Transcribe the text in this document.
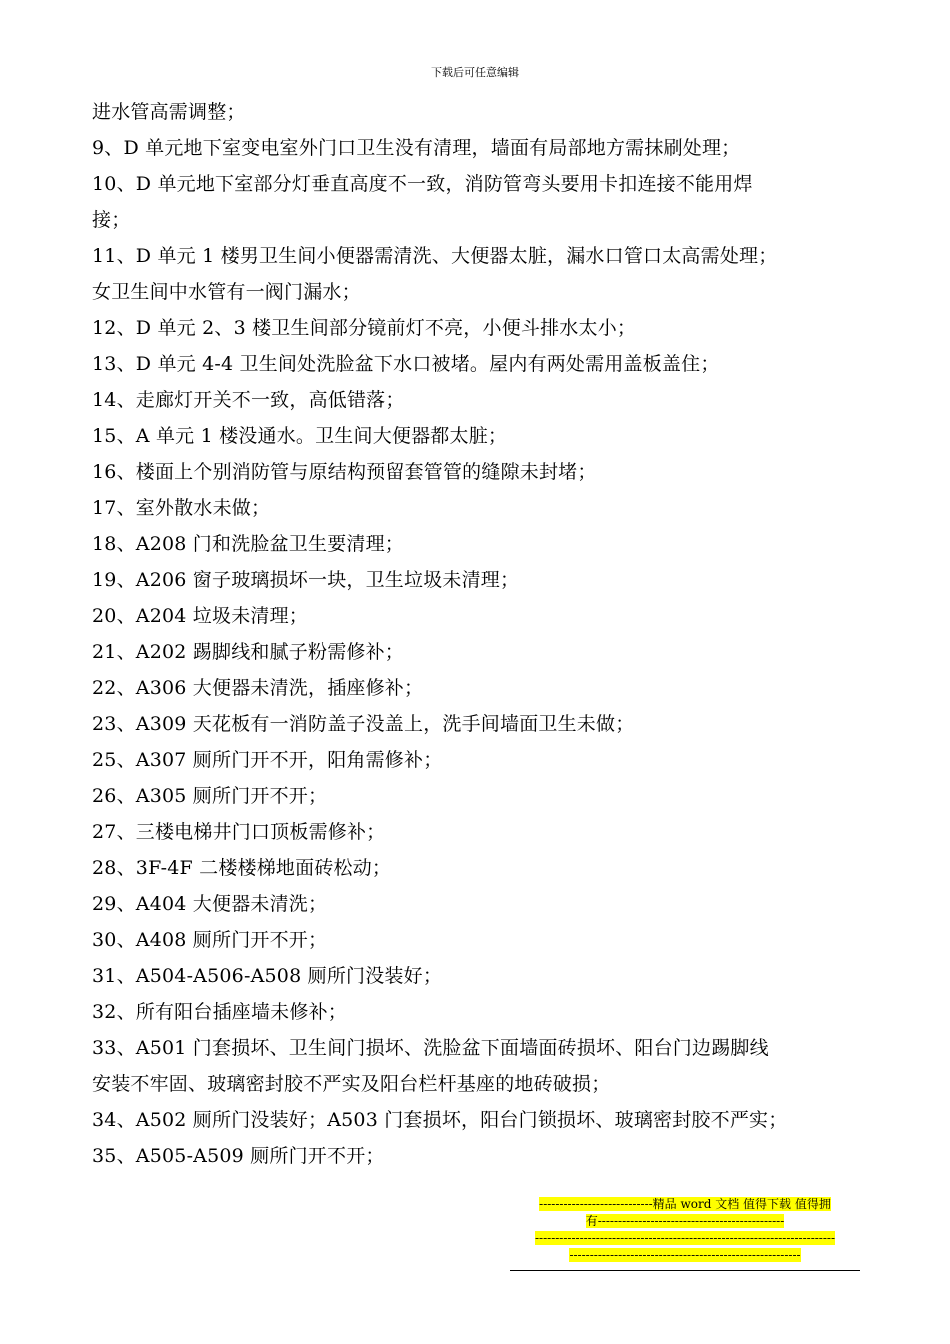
下载后可任意编辑
进水管高需调整；
9、D 单元地下室变电室外门口卫生没有清理，墙面有局部地方需抹刷处理；
10、D 单元地下室部分灯垂直高度不一致，消防管弯头要用卡扣连接不能用焊
接；
11、D 单元 1 楼男卫生间小便器需清洗、大便器太脏，漏水口管口太高需处理；
女卫生间中水管有一阀门漏水；
12、D 单元 2、3 楼卫生间部分镜前灯不亮，小便斗排水太小；
13、D 单元 4-4 卫生间处洗脸盆下水口被堵。屋内有两处需用盖板盖住；
14、走廊灯开关不一致，高低错落；
15、A 单元 1 楼没通水。卫生间大便器都太脏；
16、楼面上个别消防管与原结构预留套管管的缝隙未封堵；
17、室外散水未做；
18、A208 门和洗脸盆卫生要清理；
19、A206 窗子玻璃损坏一块，卫生垃圾未清理；
20、A204 垃圾未清理；
21、A202 踢脚线和腻子粉需修补；
22、A306 大便器未清洗，插座修补；
23、A309 天花板有一消防盖子没盖上，洗手间墙面卫生未做；
25、A307 厕所门开不开，阳角需修补；
26、A305 厕所门开不开；
27、三楼电梯井门口顶板需修补；
28、3F-4F 二楼楼梯地面砖松动；
29、A404 大便器未清洗；
30、A408 厕所门开不开；
31、A504-A506-A508 厕所门没装好；
32、所有阳台插座墙未修补；
33、A501 门套损坏、卫生间门损坏、洗脸盆下面墙面砖损坏、阳台门边踢脚线
安装不牢固、玻璃密封胶不严实及阳台栏杆基座的地砖破损；
34、A502 厕所门没装好；A503 门套损坏，阳台门锁损坏、玻璃密封胶不严实；
35、A505-A509 厕所门开不开；
----------------------------精品 word 文档 值得下载 值得拥
有----------------------------------------------
--------------------------------------------------------------------------
---------------------------------------------------------
